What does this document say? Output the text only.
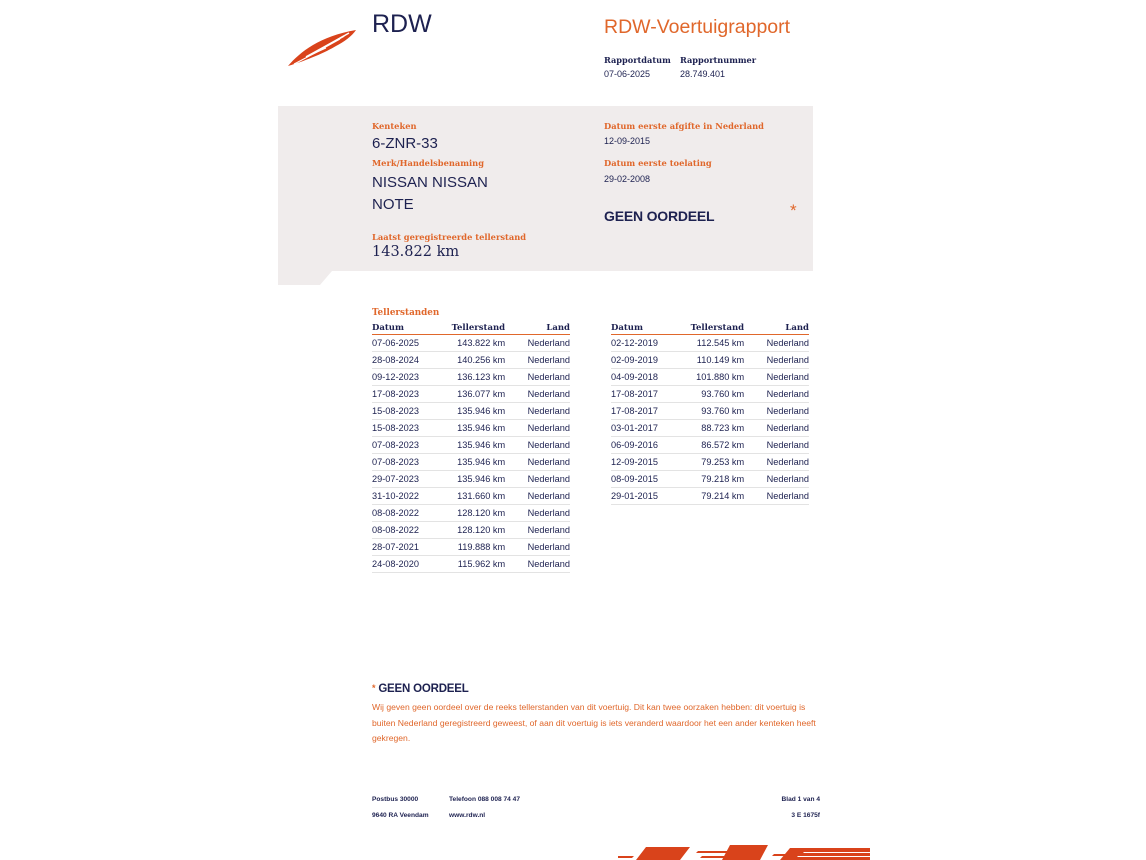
RDW	RDW-Voertuigrapport
Rapportdatum
07-06-2025
Rapportnummer
28.749.401
Kenteken
6-ZNR-33
Merk/Handelsbenaming
NISSAN NISSAN
NOTE
Laatst geregistreerde tellerstand
143.822 km
Datum eerste afgifte in Nederland
12-09-2015
Datum eerste toelating
29-02-2008
GEEN OORDEEL	*
Tellerstanden
Datum	Tellerstand	Land
07-06-2025	143.822 km	Nederland
28-08-2024	140.256 km	Nederland
09-12-2023	136.123 km	Nederland
17-08-2023	136.077 km	Nederland
15-08-2023	135.946 km	Nederland
15-08-2023	135.946 km	Nederland
07-08-2023	135.946 km	Nederland
07-08-2023	135.946 km	Nederland
29-07-2023	135.946 km	Nederland
31-10-2022	131.660 km	Nederland
08-08-2022	128.120 km	Nederland
08-08-2022	128.120 km	Nederland
28-07-2021	119.888 km	Nederland
24-08-2020	115.962 km	Nederland
Datum	Tellerstand	Land
02-12-2019	112.545 km	Nederland
02-09-2019	110.149 km	Nederland
04-09-2018	101.880 km	Nederland
17-08-2017	93.760 km	Nederland
17-08-2017	93.760 km	Nederland
03-01-2017	88.723 km	Nederland
06-09-2016	86.572 km	Nederland
12-09-2015	79.253 km	Nederland
08-09-2015	79.218 km	Nederland
29-01-2015	79.214 km	Nederland
* GEEN OORDEEL
Wij geven geen oordeel over de reeks tellerstanden van dit voertuig. Dit kan twee oorzaken hebben: dit voertuig is buiten Nederland geregistreerd geweest, of aan dit voertuig is iets veranderd waardoor het een ander kenteken heeft gekregen.
Postbus 30000
9640 RA Veendam
Telefoon 088 008 74 47
www.rdw.nl
Blad 1 van 4
3 E 1675f
